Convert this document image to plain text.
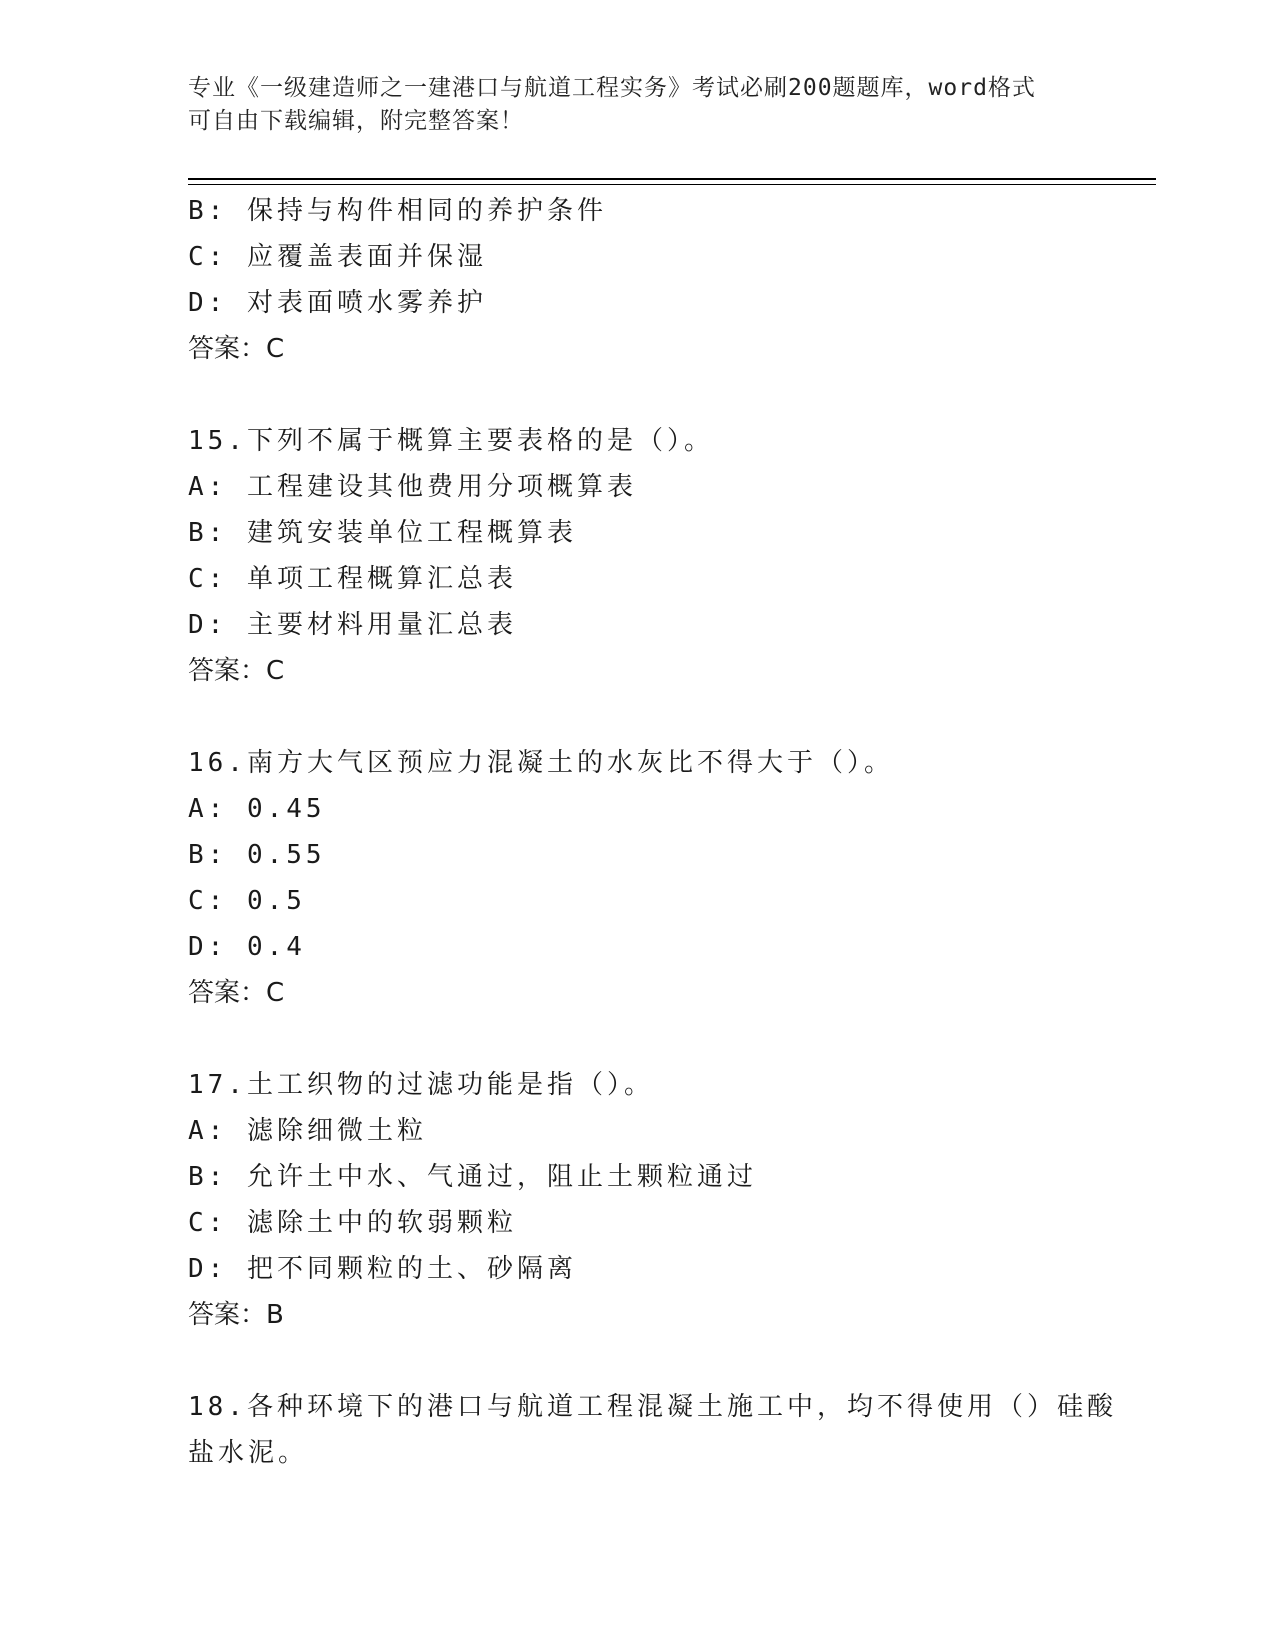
专业《一级建造师之一建港口与航道工程实务》考试必刷200题题库，word格式
可自由下载编辑，附完整答案！
B: 保持与构件相同的养护条件
C: 应覆盖表面并保湿
D: 对表面喷水雾养护
答案：C
15.下列不属于概算主要表格的是（）。
A: 工程建设其他费用分项概算表
B: 建筑安装单位工程概算表
C: 单项工程概算汇总表
D: 主要材料用量汇总表
答案：C
16.南方大气区预应力混凝土的水灰比不得大于（）。
A: 0.45
B: 0.55
C: 0.5
D: 0.4
答案：C
17.土工织物的过滤功能是指（）。
A: 滤除细微土粒
B: 允许土中水、气通过，阻止土颗粒通过
C: 滤除土中的软弱颗粒
D: 把不同颗粒的土、砂隔离
答案：B
18.各种环境下的港口与航道工程混凝土施工中，均不得使用（）硅酸
盐水泥。
